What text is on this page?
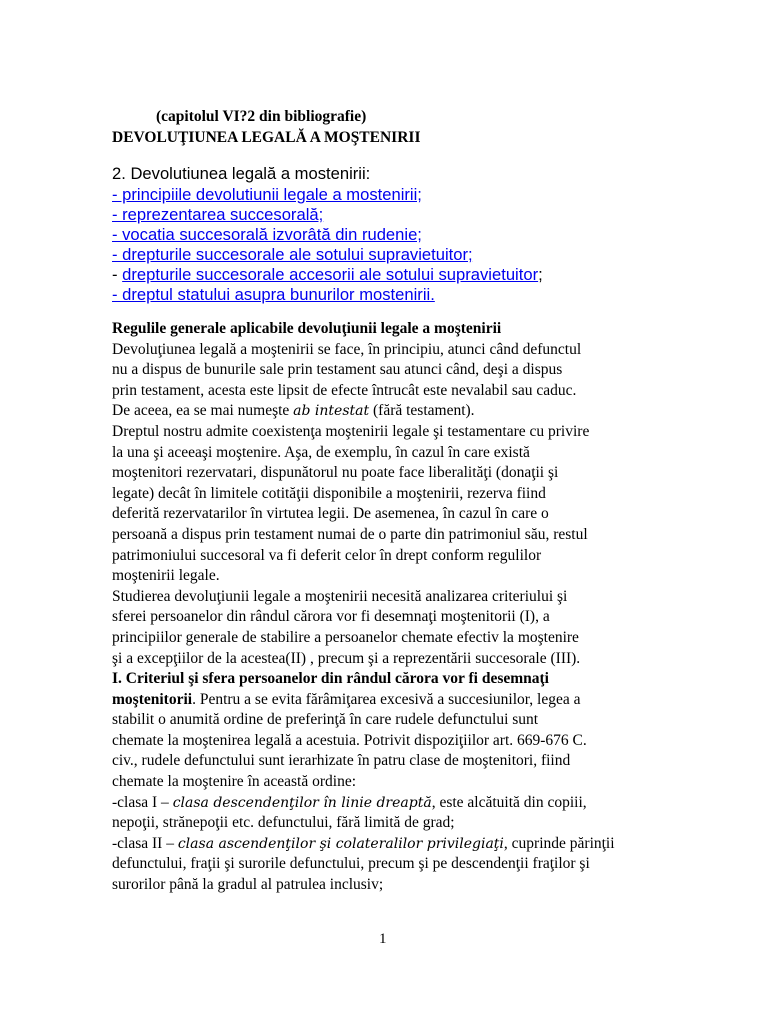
(capitolul VI?2 din bibliografie)
DEVOLUŢIUNEA LEGALĂ A MOŞTENIRII
2. Devolutiunea legală a mostenirii:
- principiile devolutiunii legale a mostenirii;
- reprezentarea succesorală;
- vocatia succesorală izvorâtă din rudenie;
- drepturile succesorale ale sotului supravietuitor;
- drepturile succesorale accesorii ale sotului supravietuitor;
- dreptul statului asupra bunurilor mostenirii.
Regulile generale aplicabile devoluţiunii legale a moştenirii
Devoluţiunea legală a moştenirii se face, în principiu, atunci când defunctul
nu a dispus de bunurile sale prin testament sau atunci când, deşi a dispus
prin testament, acesta este lipsit de efecte întrucât este nevalabil sau caduc.
De aceea, ea se mai numeşte ab intestat (fără testament).
Dreptul nostru admite coexistenţa moştenirii legale şi testamentare cu privire
la una şi aceeaşi moştenire. Aşa, de exemplu, în cazul în care există
moştenitori rezervatari, dispunătorul nu poate face liberalităţi (donaţii şi
legate) decât în limitele cotităţii disponibile a moştenirii, rezerva fiind
deferită rezervatarilor în virtutea legii. De asemenea, în cazul în care o
persoană a dispus prin testament numai de o parte din patrimoniul său, restul
patrimoniului succesoral va fi deferit celor în drept conform regulilor
moştenirii legale.
Studierea devoluţiunii legale a moştenirii necesită analizarea criteriului şi
sferei persoanelor din rândul cărora vor fi desemnaţi moştenitorii (I), a
principiilor generale de stabilire a persoanelor chemate efectiv la moştenire
şi a excepţiilor de la acestea(II) , precum şi a reprezentării succesorale (III).
I. Criteriul şi sfera persoanelor din rândul cărora vor fi desemnaţi
moştenitorii. Pentru a se evita fărâmiţarea excesivă a succesiunilor, legea a
stabilit o anumită ordine de preferinţă în care rudele defunctului sunt
chemate la moştenirea legală a acestuia. Potrivit dispoziţiilor art. 669-676 C.
civ., rudele defunctului sunt ierarhizate în patru clase de moştenitori, fiind
chemate la moştenire în această ordine:
-clasa I – clasa descendenţilor în linie dreaptă, este alcătuită din copiii,
nepoţii, strănepoţii etc. defunctului, fără limită de grad;
-clasa II – clasa ascendenţilor şi colateralilor privilegiaţi, cuprinde părinţii
defunctului, fraţii şi surorile defunctului, precum şi pe descendenţii fraţilor şi
surorilor până la gradul al patrulea inclusiv;
1
